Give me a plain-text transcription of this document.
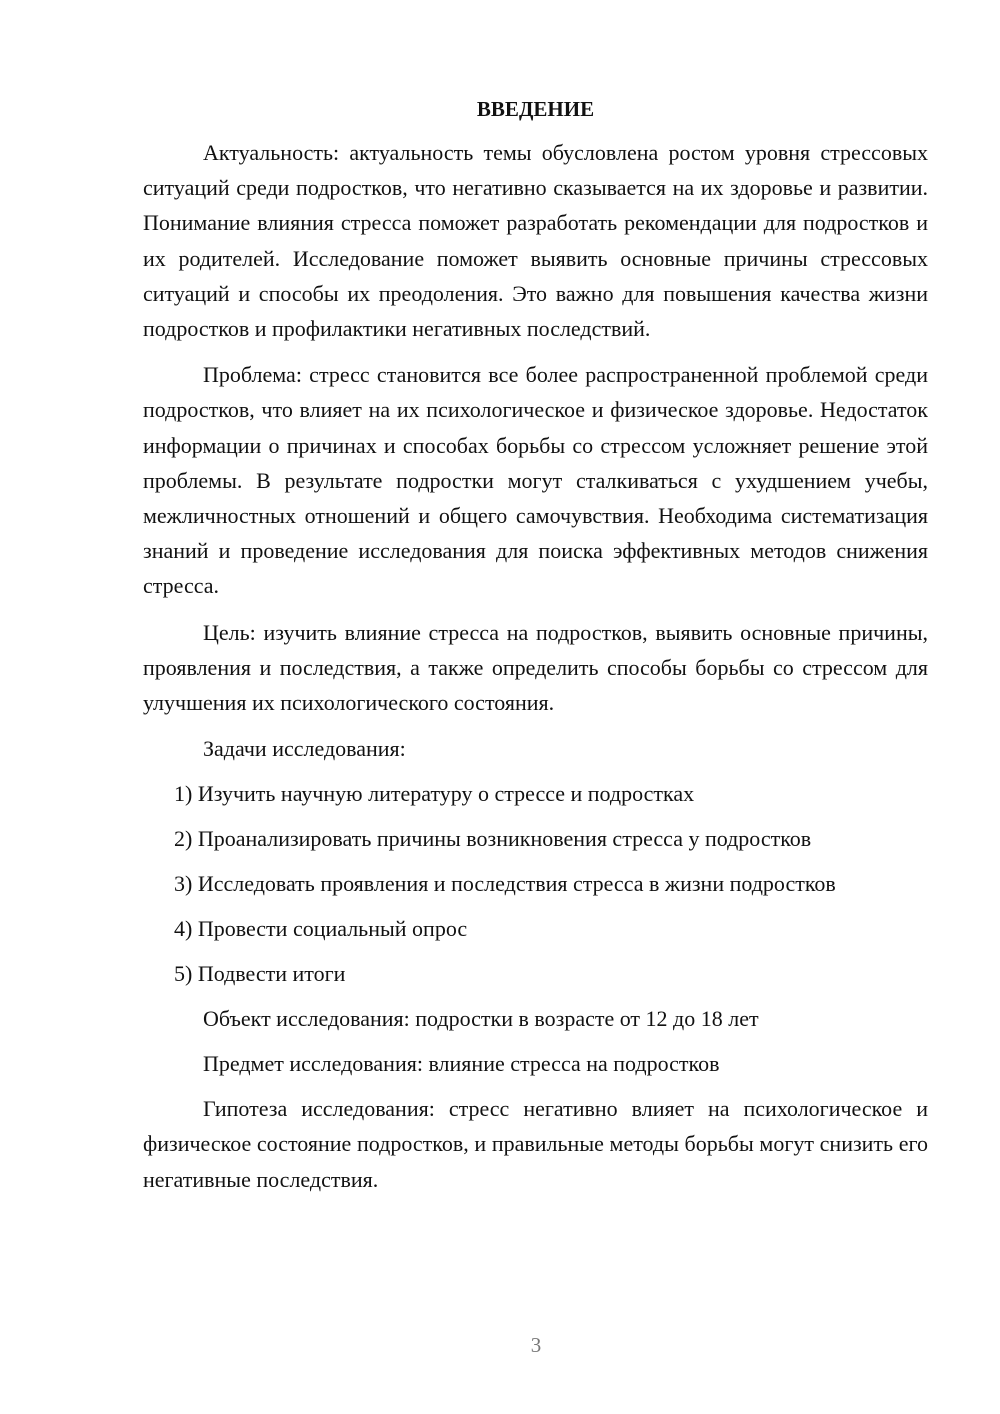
ВВЕДЕНИЕ

Актуальность: актуальность темы обусловлена ростом уровня стрессовых ситуаций среди подростков, что негативно сказывается на их здоровье и развитии. Понимание влияния стресса поможет разработать рекомендации для подростков и их родителей. Исследование поможет выявить основные причины стрессовых ситуаций и способы их преодоления. Это важно для повышения качества жизни подростков и профилактики негативных последствий.

Проблема: стресс становится все более распространенной проблемой среди подростков, что влияет на их психологическое и физическое здоровье. Недостаток информации о причинах и способах борьбы со стрессом усложняет решение этой проблемы. В результате подростки могут сталкиваться с ухудшением учебы, межличностных отношений и общего самочувствия. Необходима систематизация знаний и проведение исследования для поиска эффективных методов снижения стресса.

Цель: изучить влияние стресса на подростков, выявить основные причины, проявления и последствия, а также определить способы борьбы со стрессом для улучшения их психологического состояния.

Задачи исследования:
1) Изучить научную литературу о стрессе и подростках
2) Проанализировать причины возникновения стресса у подростков
3) Исследовать проявления и последствия стресса в жизни подростков
4) Провести социальный опрос
5) Подвести итоги
Объект исследования: подростки в возрасте от 12 до 18 лет
Предмет исследования: влияние стресса на подростков

Гипотеза исследования: стресс негативно влияет на психологическое и физическое состояние подростков, и правильные методы борьбы могут снизить его негативные последствия.

3
